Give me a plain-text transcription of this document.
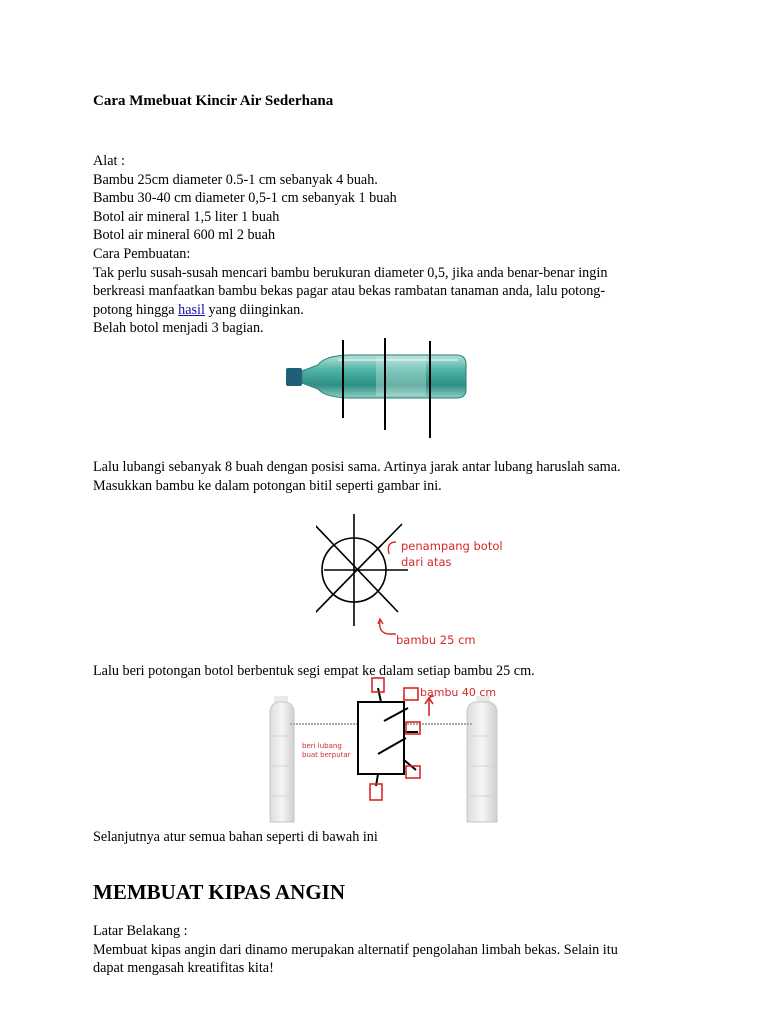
Cara Mmebuat Kincir Air Sederhana

Alat :

Bambu 25cm diameter 0.5-1 cm sebanyak 4 buah.

Bambu 30-40 cm diameter 0,5-1 cm sebanyak 1 buah

Botol air mineral 1,5 liter 1 buah

Botol air mineral 600 ml 2 buah

Cara Pembuatan:

Tak perlu susah-susah mencari bambu berukuran diameter 0,5, jika anda benar-benar ingin

berkreasi manfaatkan bambu bekas pagar atau bekas rambatan tanaman anda, lalu potong-

potong hingga hasil yang diinginkan.

Belah botol menjadi 3 bagian.

Lalu lubangi sebanyak 8 buah dengan posisi sama. Artinya jarak antar lubang haruslah sama.

Masukkan bambu ke dalam potongan bitil seperti gambar ini.

penampang botol
dari atas
bambu 25 cm

Lalu beri potongan botol berbentuk segi empat ke dalam setiap bambu 25 cm.

bambu 40 cm
beri lubang
buat berputar

Selanjutnya atur semua bahan seperti di bawah ini

MEMBUAT KIPAS ANGIN

Latar Belakang :

Membuat kipas angin dari dinamo merupakan alternatif pengolahan limbah bekas. Selain itu

dapat mengasah kreatifitas kita!
